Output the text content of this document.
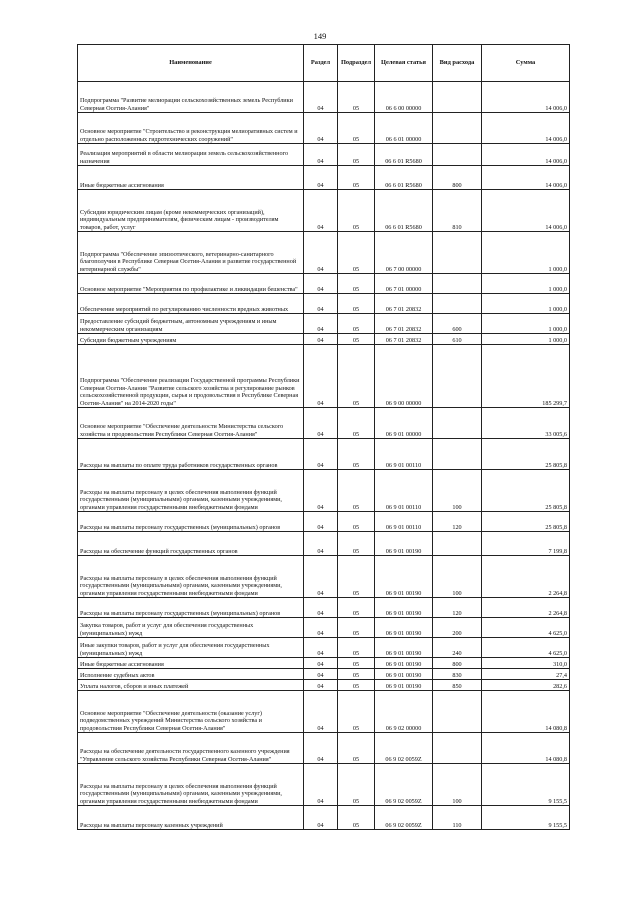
149
Наименование	Раздел	Подраздел	Целевая статья	Вид расхода	Сумма
Подпрограмма "Развитие мелиорации сельскохозяйственных земель Республики Северная Осетия-Алания"	04	05	06 6 00 00000		14 006,0
Основное мероприятие "Строительство и реконструкция мелиоративных систем и отдельно расположенных гидротехнических сооружений"	04	05	06 6 01 00000		14 006,0
Реализация мероприятий в области мелиорации земель сельскохозяйственного назначения	04	05	06 6 01 R5680		14 006,0
Иные бюджетные ассигнования	04	05	06 6 01 R5680	800	14 006,0
Субсидии юридическим лицам (кроме некоммерческих организаций), индивидуальным предпринимателям, физическим лицам - производителям товаров, работ, услуг	04	05	06 6 01 R5680	810	14 006,0
Подпрограмма "Обеспечение эпизоотического, ветеринарно-санитарного благополучия в Республике Северная Осетия-Алания и развитие государственной ветеринарной службы"	04	05	06 7 00 00000		1 000,0
Основное мероприятие "Мероприятия по профилактике и ликвидации бешенства"	04	05	06 7 01 00000		1 000,0
Обеспечение мероприятий по регулированию численности вредных животных	04	05	06 7 01 20832		1 000,0
Предоставление субсидий бюджетным, автономным учреждениям и иным некоммерческим организациям	04	05	06 7 01 20832	600	1 000,0
Субсидии бюджетным учреждениям	04	05	06 7 01 20832	610	1 000,0
Подпрограмма "Обеспечение реализации Государственной программы Республики Северная Осетия-Алания "Развитие сельского хозяйства и регулирование рынков сельскохозяйственной продукции, сырья и продовольствия в Республике Северная Осетия-Алания" на 2014-2020 годы"	04	05	06 9 00 00000		185 299,7
Основное мероприятие "Обеспечение деятельности Министерства сельского хозяйства и продовольствия Республики Северная Осетия-Алания"	04	05	06 9 01 00000		33 005,6
Расходы на выплаты по оплате труда работников государственных органов	04	05	06 9 01 00110		25 805,8
Расходы на выплаты персоналу в целях обеспечения выполнения функций государственными (муниципальными) органами, казенными учреждениями, органами управления государственными внебюджетными фондами	04	05	06 9 01 00110	100	25 805,8
Расходы на выплаты персоналу государственных (муниципальных) органов	04	05	06 9 01 00110	120	25 805,8
Расходы на обеспечение функций государственных органов	04	05	06 9 01 00190		7 199,8
Расходы на выплаты персоналу в целях обеспечения выполнения функций государственными (муниципальными) органами, казенными учреждениями, органами управления государственными внебюджетными фондами	04	05	06 9 01 00190	100	2 264,8
Расходы на выплаты персоналу государственных (муниципальных) органов	04	05	06 9 01 00190	120	2 264,8
Закупка товаров, работ и услуг для обеспечения государственных (муниципальных) нужд	04	05	06 9 01 00190	200	4 625,0
Иные закупки товаров, работ и услуг для обеспечения государственных (муниципальных) нужд	04	05	06 9 01 00190	240	4 625,0
Иные бюджетные ассигнования	04	05	06 9 01 00190	800	310,0
Исполнение судебных актов	04	05	06 9 01 00190	830	27,4
Уплата налогов, сборов и иных платежей	04	05	06 9 01 00190	850	282,6
Основное мероприятие "Обеспечение деятельности (оказание услуг) подведомственных учреждений Министерства сельского хозяйства и продовольствия Республики Северная Осетия-Алания"	04	05	06 9 02 00000		14 080,8
Расходы на обеспечение деятельности государственного казенного учреждения "Управление сельского хозяйства Республики Северная Осетия-Алания"	04	05	06 9 02 0059Z		14 080,8
Расходы на выплаты персоналу в целях обеспечения выполнения функций государственными (муниципальными) органами, казенными учреждениями, органами управления государственными внебюджетными фондами	04	05	06 9 02 0059Z	100	9 155,5
Расходы на выплаты персоналу казенных учреждений	04	05	06 9 02 0059Z	110	9 155,5
